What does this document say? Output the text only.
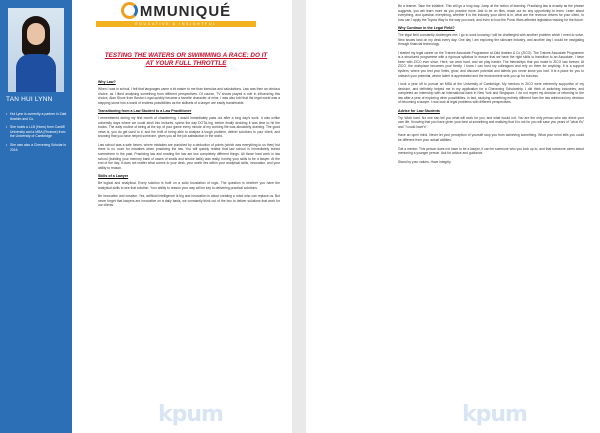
TAN HUI LYNN
• Hui Lynn is currently a partner in Zaid Ibrahim and Co.
• She holds a LLB (Hons) from Cardiff University and a MBA (Finance) from the University of Cambridge
• She was also a Chevening Scholar in 2016
MMUNIQUÉ
EDUCATIVE & INSIGHTFUL
TESTING THE WATERS OR SWIMMING A RACE: DO IT AT YOUR FULL THROTTLE
Why Law?

When I was in school, I felt that languages came a lot easier to me than formulas and calculations. Law was then an obvious choice, as I liked analysing something from different perspectives. Of course, TV shows played a role in influencing this choice, Alan Shore from Boston Legal quickly became a favorite character of mine. I was also told that the legal world was a stepping stone into a world of endless possibilities as the skillsets of a lawyer are easily transferable.

Transitioning from a Law Student to a Law Practitioner

I remembered during my first month of chambering, I would immediately pass out after a long day's work. It was unlike university days where we could stroll into lectures, spend the day DOTA-ing, before finally deciding it was time to hit the books. The daily routine of being at the top of your game every minute of my working life was absolutely draining. The good news is, you do get used to it, and the thrill of being able to analyse a tough problem, deliver solutions to your client, and knowing that you have helped someone, gives you all the job satisfaction in the world.

Law school was a safe haven, where mistakes are punished by a deduction of points (which was everything to us then) but there is no room for mistakes when practicing the law. You will quickly realise that law school is immediately buried somewhere in the past. Practicing law and reading the law are two completely different things. All those hard work in law school (building your memory bank of cases of snails and smoke balls) was really, honing your skills to be a lawyer. At the end of the day, it does not matter what comes to your desk, your worth lies within your analytical skills, innovation, and your ability to reason.

Skills of a Lawyer

Be logical and analytical. Every solution is built on a solid foundation of logic. The question is whether you have the analytical skills to see that solution. Your ability to reason your way will be key to delivering practical solutions.

Be innovative and creative. Yes, artificial intelligence is big and innovation is about creating a robot who can replace us. But never forget that lawyers are innovative on a daily basis, we constantly think out of the box to deliver solutions that work for our clients.

kpum

Be a learner. Take the initiative. This will go a long way. Jump at the notion of learning. Practising law is exactly as the phrase suggests, you will learn more as you practice more. Ask to be on files, reach out for any opportunity to learn. Learn about everything, and question everything, whether it is the industry your client is in, what are the revenue drivers for your client, to how can I apply the Toyota Way to the way you work, and even to how the Punic Wars affected legislation making for the future.

Why Continue in the Legal Field?

The legal field constantly challenges me; I go to work knowing I will be challenged with another problem which I need to solve. New issues land on my desk every day. One day I am exploring the skincare industry, and another day I would be navigating through financial technology.

I started my legal career on the Trainee Associate Programme at Zaid Ibrahim & Co (ZICO). The Trainee Associate Programme is a structured programme with a rigorous syllabus to ensure that we have the right skills to transition to an Associate. I have been with ZICO ever since. Here, we work hard, and we play harder. The friendships that you make in ZICO last forever. At ZICO, the workplace becomes your family. I know I can trust my colleagues and rely on them for anything. It is a support system, where you test your limits, grow, and discover potential and talents you never knew you had. It is a place for you to unleash your potential, where talent is appreciated and the environment sets you up for success.

I took a year off to pursue an MBA at the University of Cambridge. My mentors in ZICO were extremely supportive of my decision, and definitely helped me in my application for a Chevening Scholarship. I did think of switching industries, and completed an internship with an international bank in New York and Singapore. I do not regret my decision of returning to the law after a year of exploring other possibilities. In fact, studying something entirely different from the law reinforced my decision of becoming a lawyer. I now look at legal problems with different perspectives.

Advice for Law Students

Try. Work hard. No one can tell you what will work for you, and what would not. You are the only person who can direct your own life. Knowing that you have given your best at something and realising that it is not for you will save you years of "what if's" and "I could have's".

Have an open mind. Never let your perception of yourself stop you from achieving something. What your mind tells you could be different from your actual abilities.

Get a mentor. This person does not have to be a lawyer, it can be someone who you look up to, and that someone cares about mentoring a younger person. Ask for advice and guidance.

Stand by your values. Have integrity.

kpum
